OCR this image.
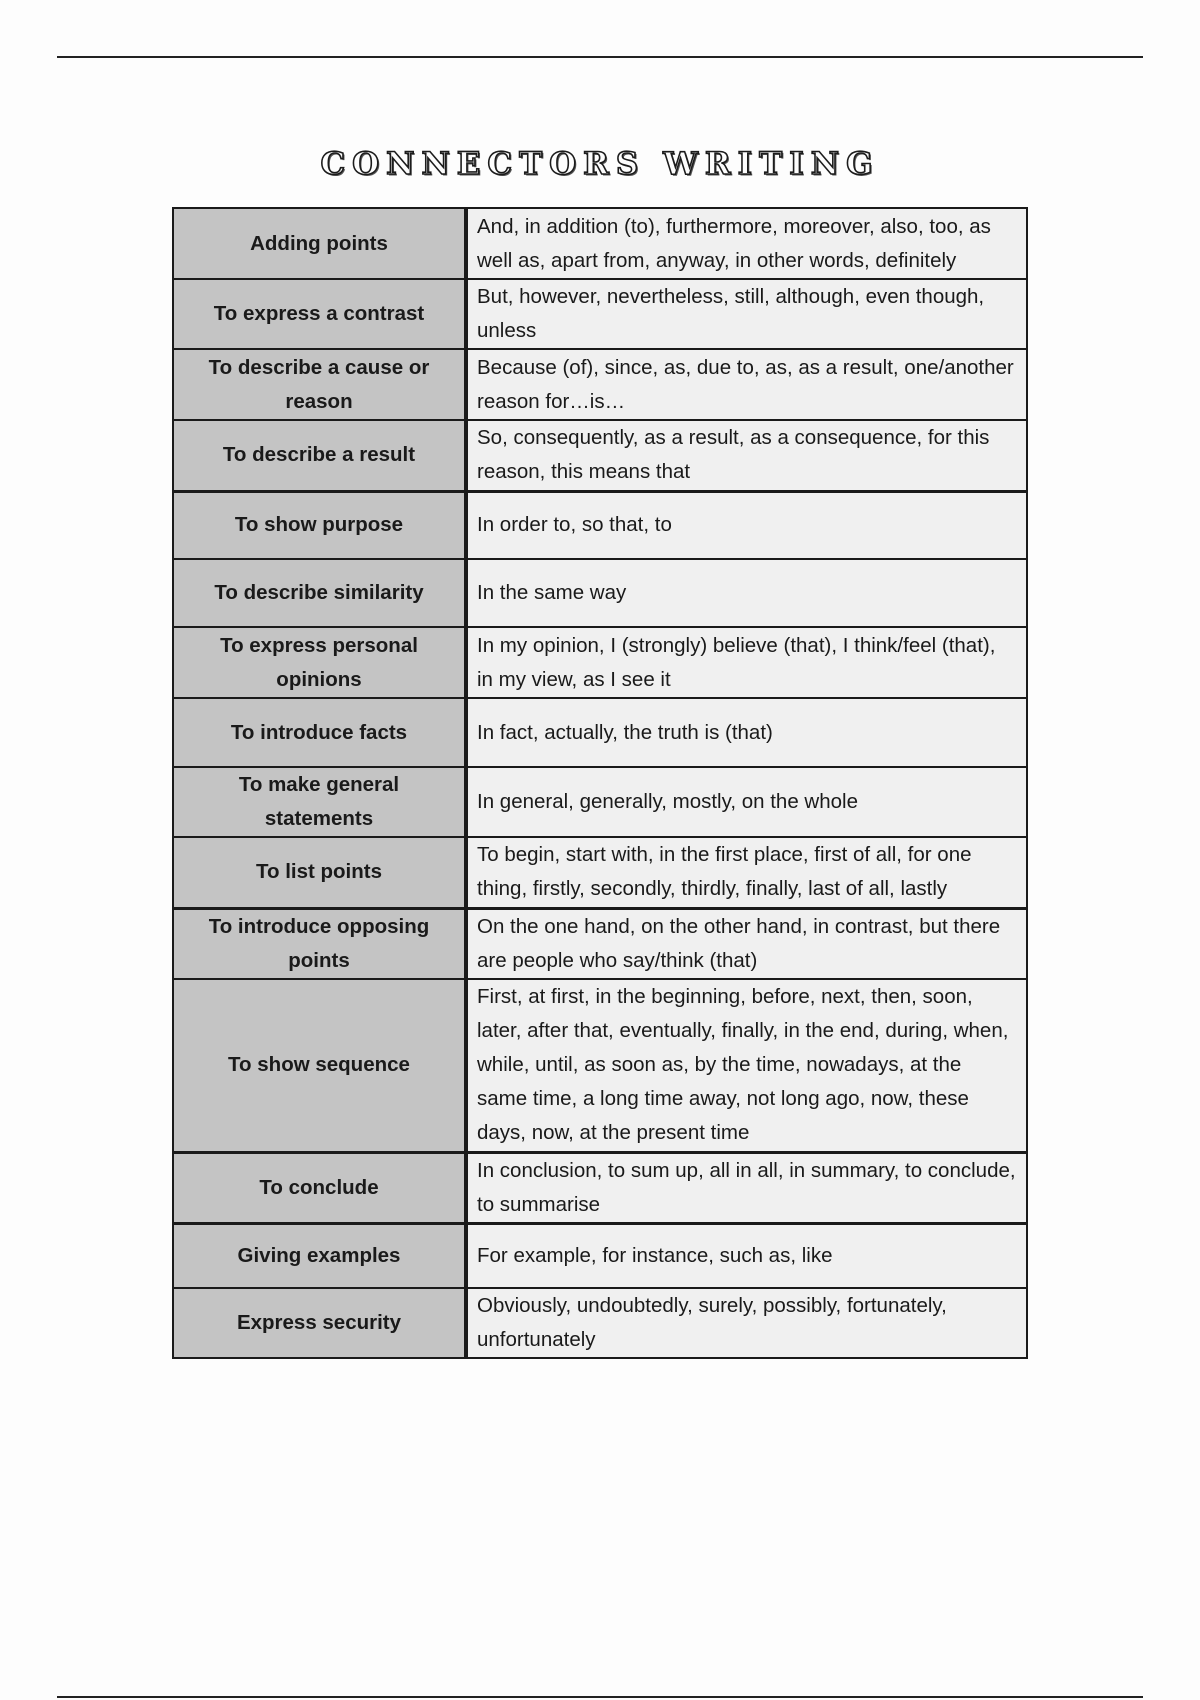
CONNECTORS WRITING
Adding points	And, in addition (to), furthermore, moreover, also, too, as well as, apart from, anyway, in other words, definitely
To express a contrast	But, however, nevertheless, still, although, even though, unless
To describe a cause or reason	Because (of), since, as, due to, as, as a result, one/another reason for…is…
To describe a result	So, consequently, as a result, as a consequence, for this reason, this means that
To show purpose	In order to, so that, to
To describe similarity	In the same way
To express personal opinions	In my opinion, I (strongly) believe (that), I think/feel (that), in my view, as I see it
To introduce facts	In fact, actually, the truth is (that)
To make general statements	In general, generally, mostly, on the whole
To list points	To begin, start with, in the first place, first of all, for one thing, firstly, secondly, thirdly, finally, last of all, lastly
To introduce opposing points	On the one hand, on the other hand, in contrast, but there are people who say/think (that)
To show sequence	First, at first, in the beginning, before, next, then, soon, later, after that, eventually, finally, in the end, during, when, while, until, as soon as, by the time, nowadays, at the same time, a long time away, not long ago, now, these days, now, at the present time
To conclude	In conclusion, to sum up, all in all, in summary, to conclude, to summarise
Giving examples	For example, for instance, such as, like
Express security	Obviously, undoubtedly, surely, possibly, fortunately, unfortunately
